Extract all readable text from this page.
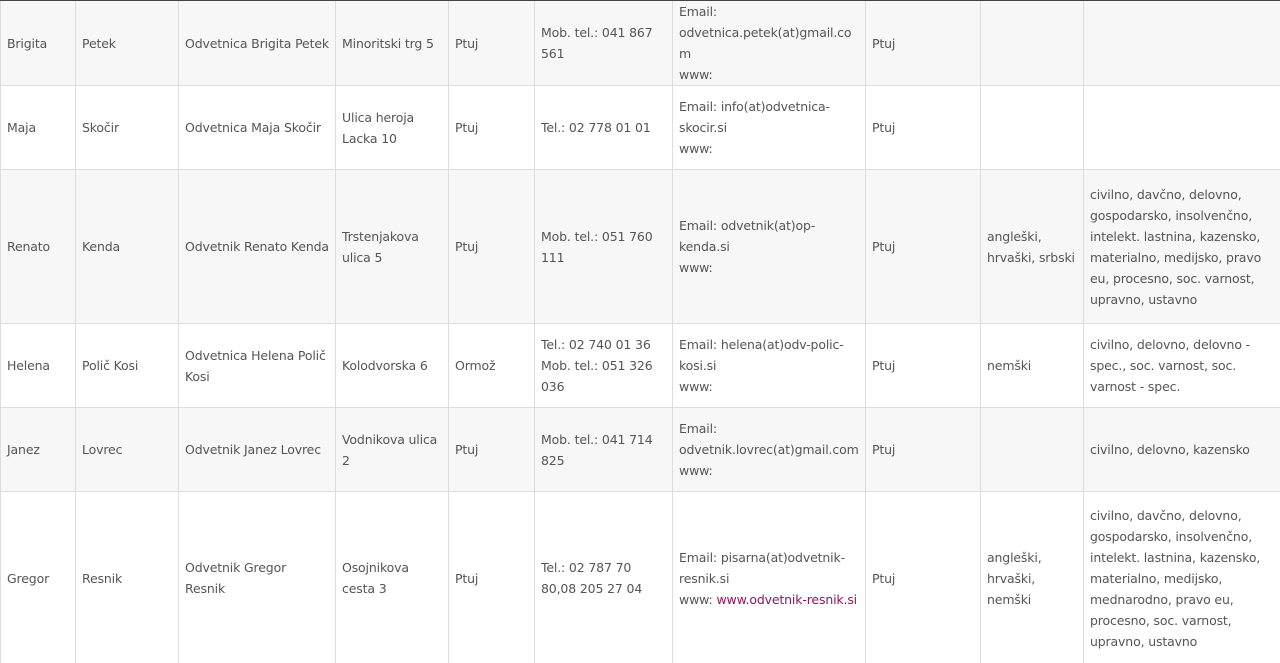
Brigita	Petek	Odvetnica Brigita Petek	Minoritski trg 5	Ptuj	Mob. tel.: 041 867 561	Email:
odvetnica.petek(at)gmail.com
www:	Ptuj		
Maja	Skočir	Odvetnica Maja Skočir	Ulica heroja Lacka 10	Ptuj	Tel.: 02 778 01 01	Email: info(at)odvetnica-skocir.si
www:	Ptuj		
Renato	Kenda	Odvetnik Renato Kenda	Trstenjakova ulica 5	Ptuj	Mob. tel.: 051 760 111	Email: odvetnik(at)op-kenda.si
www:	Ptuj	angleški, hrvaški, srbski	civilno, davčno, delovno, gospodarsko, insolvenčno, intelekt. lastnina, kazensko, materialno, medijsko, pravo eu, procesno, soc. varnost, upravno, ustavno
Helena	Polič Kosi	Odvetnica Helena Polič Kosi	Kolodvorska 6	Ormož	Tel.: 02 740 01 36
Mob. tel.: 051 326 036	Email: helena(at)odv-polic-kosi.si
www:	Ptuj	nemški	civilno, delovno, delovno - spec., soc. varnost, soc. varnost - spec.
Janez	Lovrec	Odvetnik Janez Lovrec	Vodnikova ulica 2	Ptuj	Mob. tel.: 041 714 825	Email:
odvetnik.lovrec(at)gmail.com
www:	Ptuj		civilno, delovno, kazensko
Gregor	Resnik	Odvetnik Gregor Resnik	Osojnikova cesta 3	Ptuj	Tel.: 02 787 70 80,08 205 27 04	Email: pisarna(at)odvetnik-resnik.si
www: www.odvetnik-resnik.si	Ptuj	angleški, hrvaški, nemški	civilno, davčno, delovno, gospodarsko, insolvenčno, intelekt. lastnina, kazensko, materialno, medijsko, mednarodno, pravo eu, procesno, soc. varnost, upravno, ustavno
